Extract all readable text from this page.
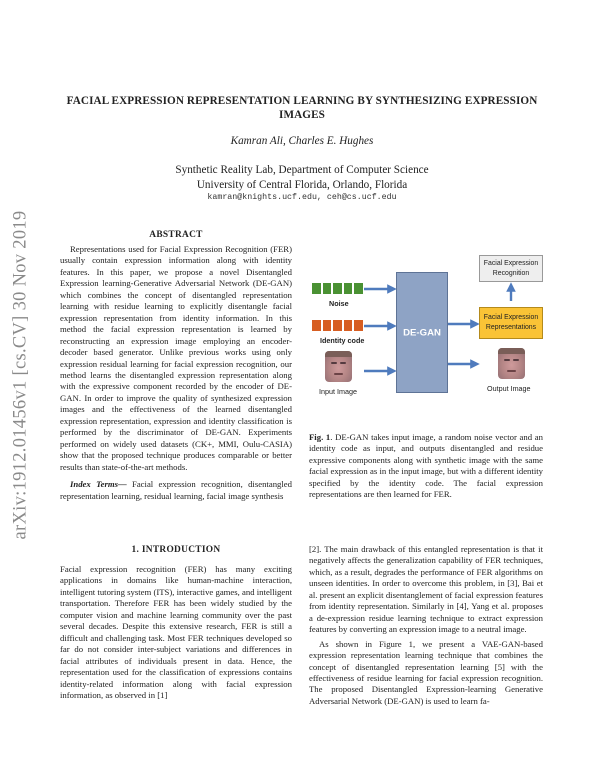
arXiv:1912.01456v1 [cs.CV] 30 Nov 2019
FACIAL EXPRESSION REPRESENTATION LEARNING BY SYNTHESIZING EXPRESSION IMAGES
Kamran Ali, Charles E. Hughes
Synthetic Reality Lab, Department of Computer Science
University of Central Florida, Orlando, Florida
kamran@knights.ucf.edu, ceh@cs.ucf.edu
ABSTRACT

Representations used for Facial Expression Recognition (FER) usually contain expression information along with identity features. In this paper, we propose a novel Disentangled Expression learning-Generative Adversarial Network (DE-GAN) which combines the concept of disentangled representation learning with residue learning to explicitly disentangle facial expression representation from identity information. In this method the facial expression representation is learned by reconstructing an expression image employing an encoder-decoder based generator. Unlike previous works using only expression residual learning for facial expression recognition, our method learns the disentangled expression representation along with the expressive component recorded by the encoder of DE-GAN. In order to improve the quality of synthesized expression images and the effectiveness of the learned disentangled expression representation, expression and identity classification is performed by the discriminator of DE-GAN. Experiments performed on widely used datasets (CK+, MMI, Oulu-CASIA) show that the proposed technique produces comparable or better results than state-of-the-art methods.

Index Terms— Facial expression recognition, disentangled representation learning, residual learning, facial image synthesis

1. INTRODUCTION

Facial expression recognition (FER) has many exciting applications in domains like human-machine interaction, intelligent tutoring system (ITS), interactive games, and intelligent transportation. Therefore FER has been widely studied by the computer vision and machine learning community over the past several decades. Despite this extensive research, FER is still a difficult and challenging task. Most FER techniques developed so far do not consider inter-subject variations and differences in facial attributes of individuals present in data. Hence, the representation used for the classification of expressions contains identity-related information along with facial expression information, as observed in [1]

Noise
Identity code
Input Image
DE-GAN
Facial Expression Recognition
Facial Expression Representations
Output Image

Fig. 1. DE-GAN takes input image, a random noise vector and an identity code as input, and outputs disentangled and residue expressive components along with synthetic image with the same facial expression as in the input image, but with a different identity specified by the identity code. The facial expression representations are then learned for FER.

[2]. The main drawback of this entangled representation is that it negatively affects the generalization capability of FER techniques, which, as a result, degrades the performance of FER algorithms on unseen identities. In order to overcome this problem, in [3], Bai et al. present an explicit disentanglement of facial expression features from identity representation. Similarly in [4], Yang et al. proposes a de-expression residue learning technique to extract expression features by converting an expression image to a neutral image.

As shown in Figure 1, we present a VAE-GAN-based expression representation learning technique that combines the concept of disentangled representation learning [5] with the effectiveness of residue learning for facial expression recognition. The proposed Disentangled Expression-learning Generative Adversarial Network (DE-GAN) is used to learn fa-
